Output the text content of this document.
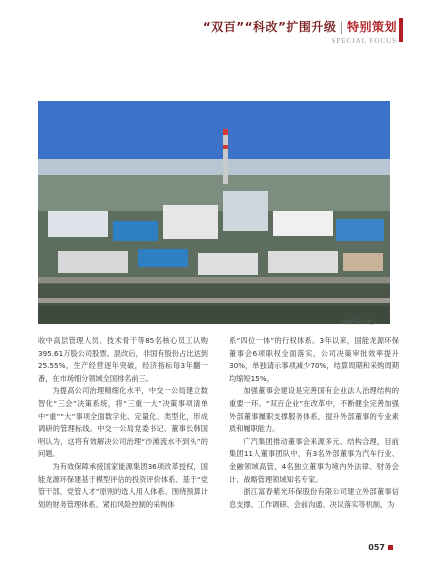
“双百”“科改”扩围升级 | 特别策划
SPECIAL FOCUS
中盐内蒙古化工

收中高层管理人员、技术骨干等85名核心员工认购395.61万股公司股票。混改后，非国有股份占比达到25.55%。生产经营逐年突破，经济指标每3年翻一番，在市场细分领域全国排名前三。

为提高公司治理精细化水平，中交一公局建立数智化“三会”决策系统，将“三重一大”决策事项清单中“重”“大”事项全面数字化、定量化、类型化，形成调研的管理标线。中交一公局党委书记、董事长韩国明认为，这将有效解决公司治理“沙滩流水不到头”的问题。

为有效保障承接国家能源集团36项改革授权，国能龙源环保建基于模型评估的投资评价体系、基于“党管干部、党管人才”原则的选人用人体系、围绕预算计划的财务管理体系、紧扣风险控制的采购体

系“四位一体”的行权体系。3年以来，国能龙源环保董事会6项职权全面落实，公司决策审批效率提升30%，单独请示事项减少70%，结算周期和采购周期均缩短15%。

加强董事会建设是完善国有企业法人治理结构的重要一环。“双百企业”在改革中，不断健全完善加强外部董事履职支撑服务体系，提升外部董事的专业素质和履职能力。

广汽集团推动董事会来源多元、结构合理，目前集团11人董事团队中，有3名外部董事为汽车行业、金融领域高管，4名独立董事为境内外法律、财务会计、战略管理领域知名专家。

浙江富春紫光环保股份有限公司建立外部董事信息支撑、工作调研、会前沟通、决议落实等机制，为

057
